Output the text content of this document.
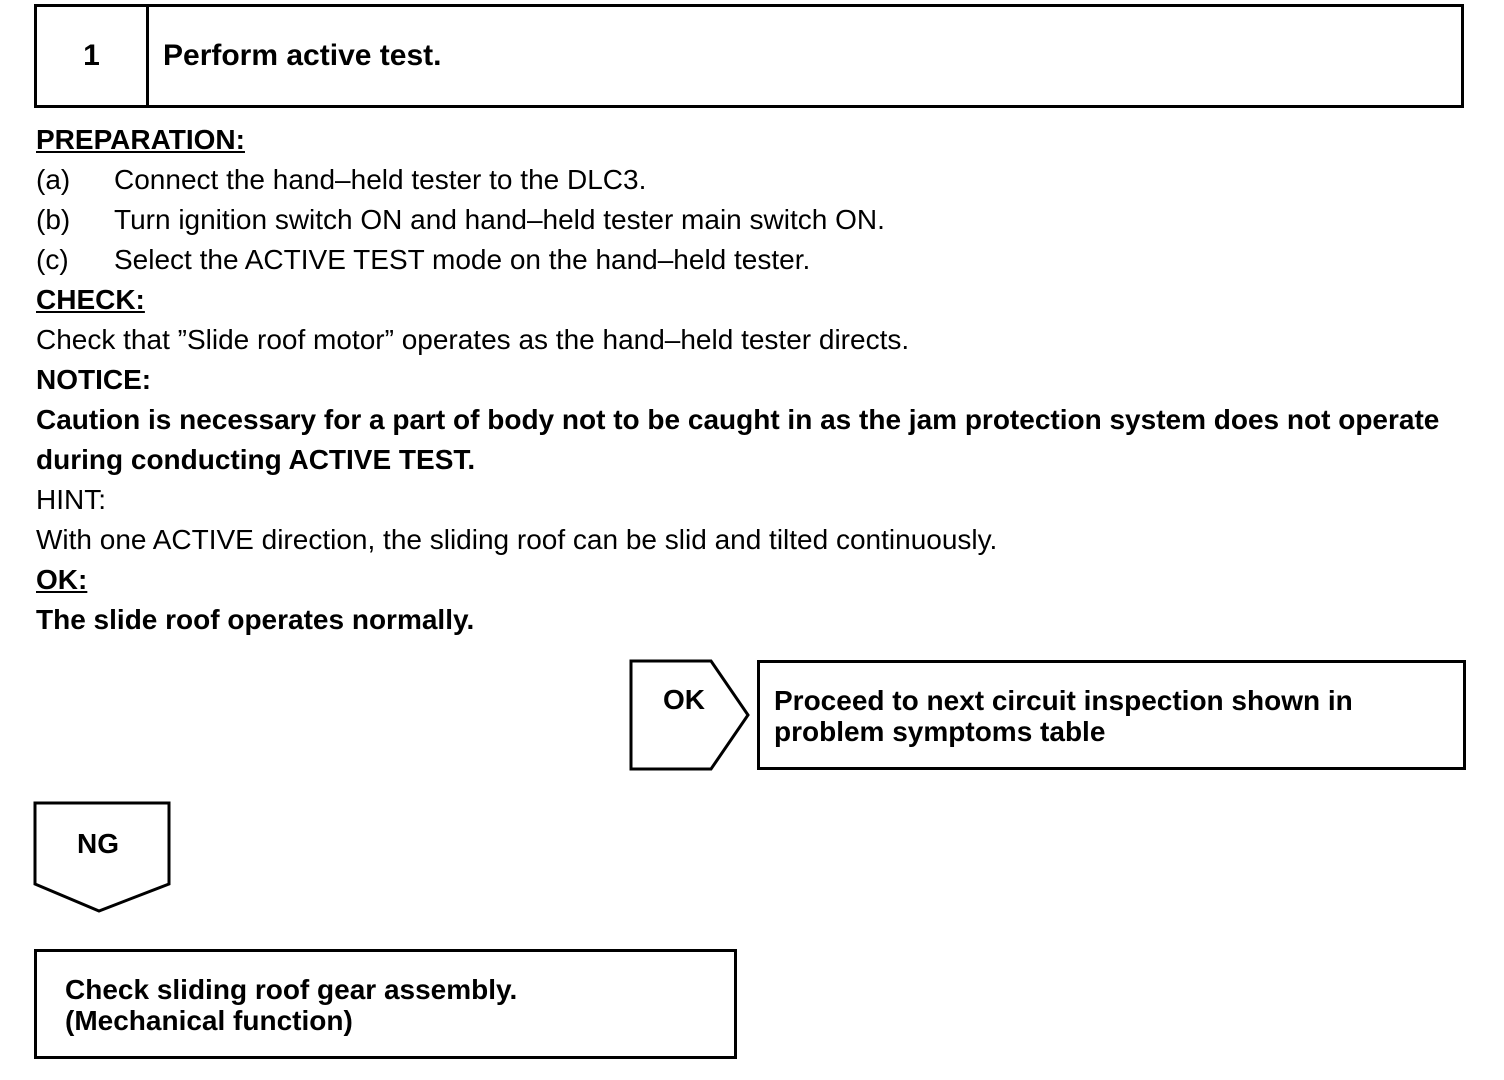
1	Perform active test.
PREPARATION:
(a) Connect the hand–held tester to the DLC3.
(b) Turn ignition switch ON and hand–held tester main switch ON.
(c) Select the ACTIVE TEST mode on the hand–held tester.
CHECK:
Check that ”Slide roof motor” operates as the hand–held tester directs.
NOTICE:
Caution is necessary for a part of body not to be caught in as the jam protection system does not operate during conducting ACTIVE TEST.
HINT:
With one ACTIVE direction, the sliding roof can be slid and tilted continuously.
OK:
The slide roof operates normally.
OK
NG
Proceed to next circuit inspection shown in
problem symptoms table
Check sliding roof gear assembly.
(Mechanical function)
